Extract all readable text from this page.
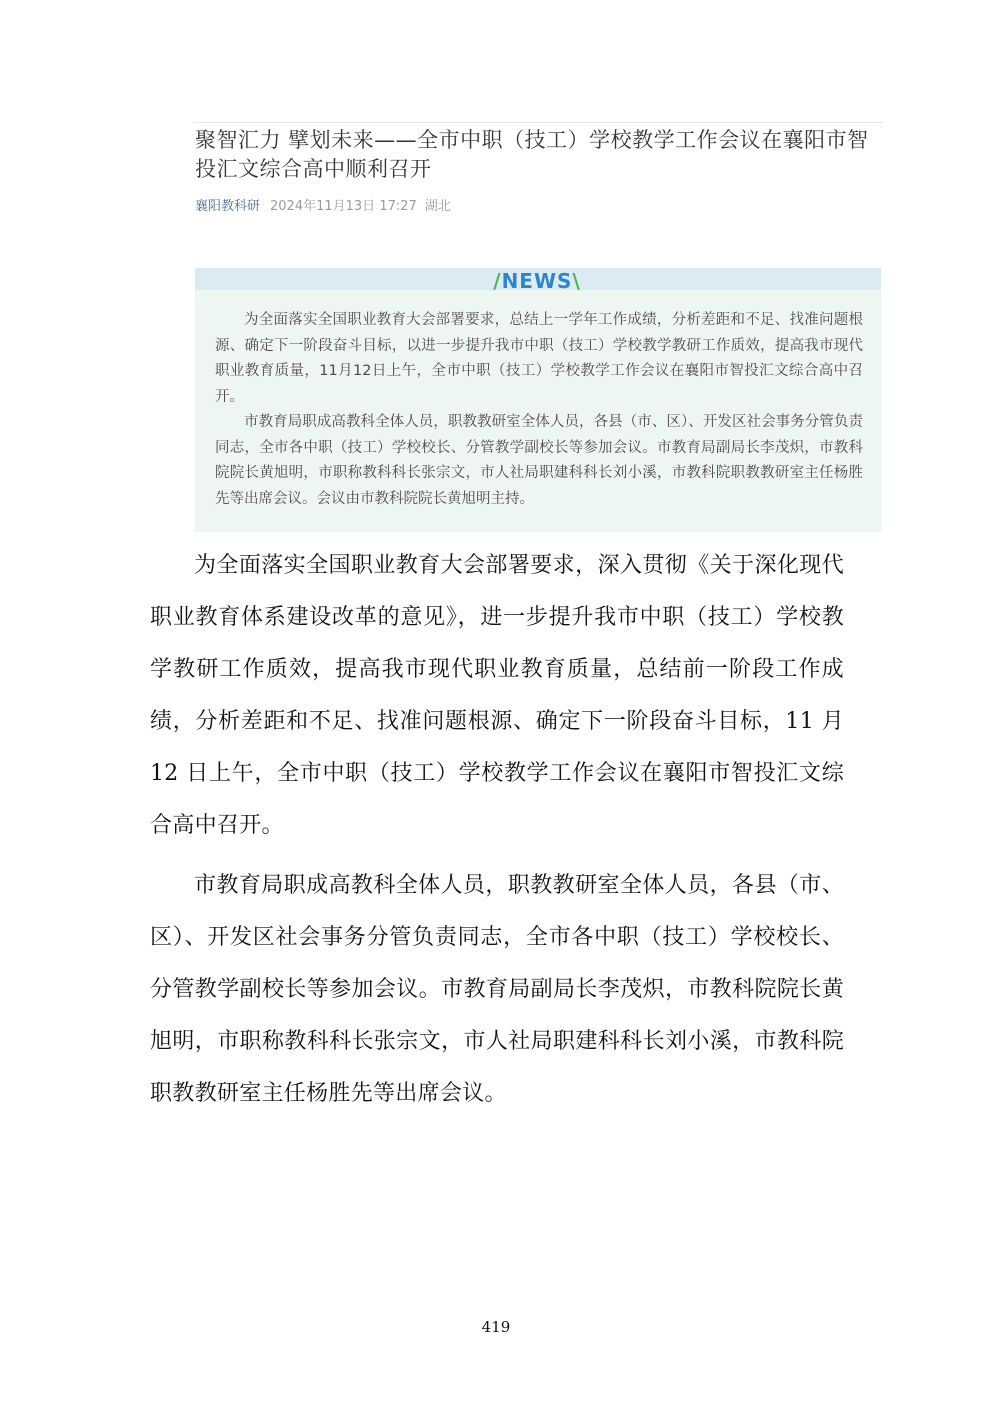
聚智汇力 擘划未来——全市中职（技工）学校教学工作会议在襄阳市智投汇文综合高中顺利召开
襄阳教科研 2024年11月13日 17:27 湖北
/NEWS\

为全面落实全国职业教育大会部署要求，总结上一学年工作成绩，分析差距和不足、找准问题根源、确定下一阶段奋斗目标，以进一步提升我市中职（技工）学校教学教研工作质效，提高我市现代职业教育质量，11月12日上午，全市中职（技工）学校教学工作会议在襄阳市智投汇文综合高中召开。

市教育局职成高教科全体人员，职教教研室全体人员，各县（市、区）、开发区社会事务分管负责同志，全市各中职（技工）学校校长、分管教学副校长等参加会议。市教育局副局长李茂炽，市教科院院长黄旭明，市职称教科科长张宗文，市人社局职建科科长刘小溪，市教科院职教教研室主任杨胜先等出席会议。会议由市教科院院长黄旭明主持。

为全面落实全国职业教育大会部署要求，深入贯彻《关于深化现代职业教育体系建设改革的意见》，进一步提升我市中职（技工）学校教学教研工作质效，提高我市现代职业教育质量，总结前一阶段工作成绩，分析差距和不足、找准问题根源、确定下一阶段奋斗目标，11 月 12 日上午，全市中职（技工）学校教学工作会议在襄阳市智投汇文综合高中召开。

市教育局职成高教科全体人员，职教教研室全体人员，各县（市、区）、开发区社会事务分管负责同志，全市各中职（技工）学校校长、分管教学副校长等参加会议。市教育局副局长李茂炽，市教科院院长黄旭明，市职称教科科长张宗文，市人社局职建科科长刘小溪，市教科院职教教研室主任杨胜先等出席会议。

419
